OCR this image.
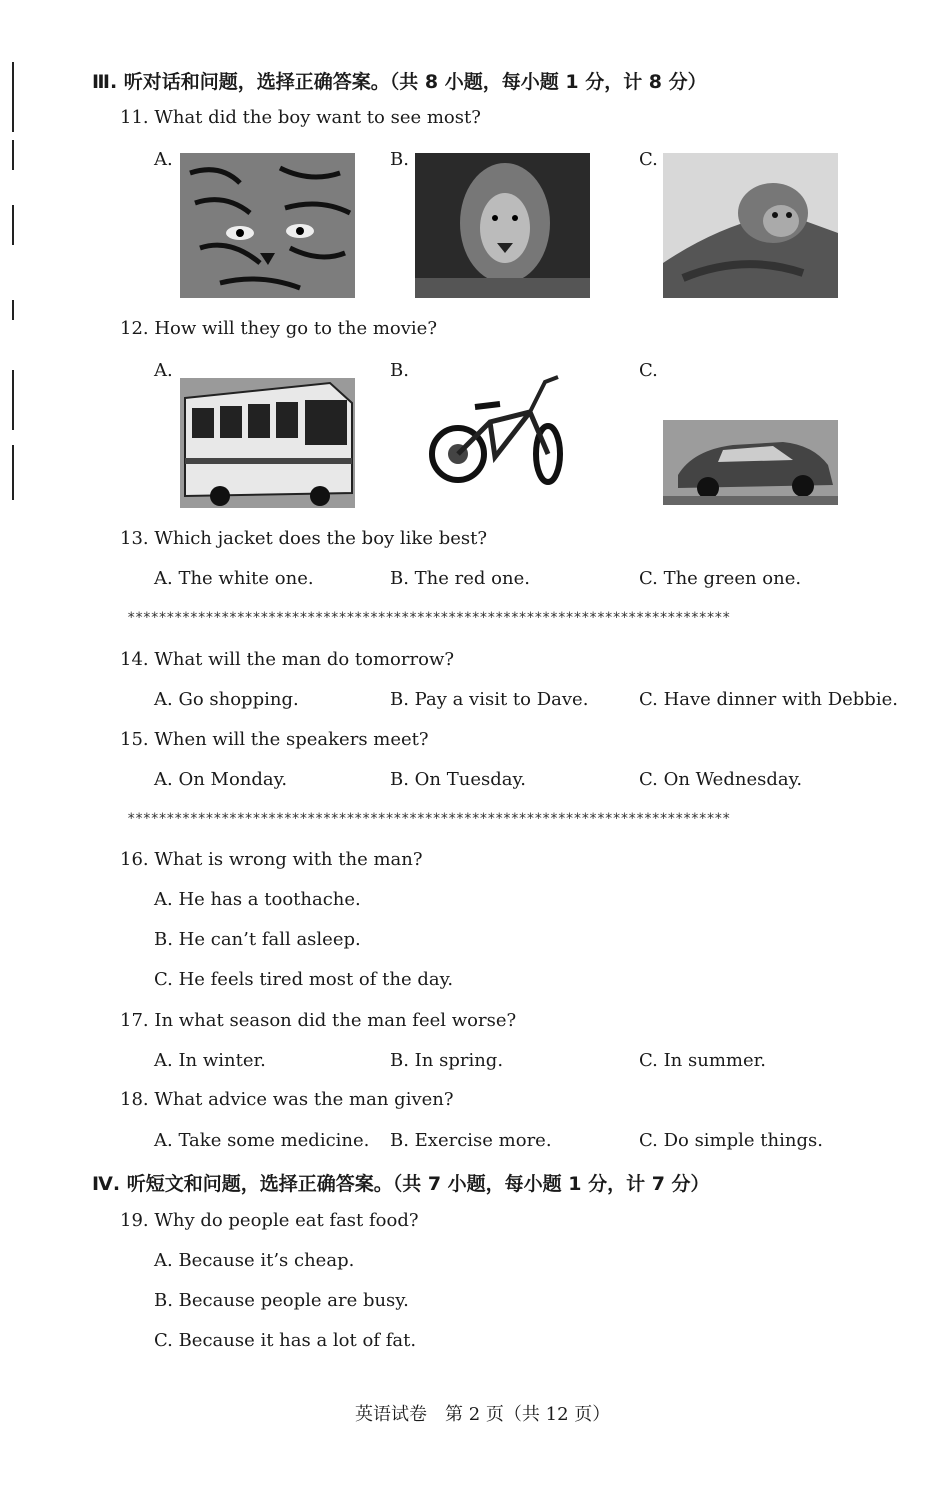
Ⅲ. 听对话和问题，选择正确答案。（共 8 小题，每小题 1 分，计 8 分）
11. What did the boy want to see most?
A.	B.	C.
12. How will they go to the movie?
A.	B.	C.
13. Which jacket does the boy like best?
A. The white one.	B. The red one.	C. The green one.
*****************************************************************************
14. What will the man do tomorrow?
A. Go shopping.	B. Pay a visit to Dave.	C. Have dinner with Debbie.
15. When will the speakers meet?
A. On Monday.	B. On Tuesday.	C. On Wednesday.
*****************************************************************************
16. What is wrong with the man?
A. He has a toothache.
B. He can’t fall asleep.
C. He feels tired most of the day.
17. In what season did the man feel worse?
A. In winter.	B. In spring.	C. In summer.
18. What advice was the man given?
A. Take some medicine. B. Exercise more.	C. Do simple things.
Ⅳ. 听短文和问题，选择正确答案。（共 7 小题，每小题 1 分，计 7 分）
19. Why do people eat fast food?
A. Because it’s cheap.
B. Because people are busy.
C. Because it has a lot of fat.
英语试卷　第 2 页（共 12 页）
